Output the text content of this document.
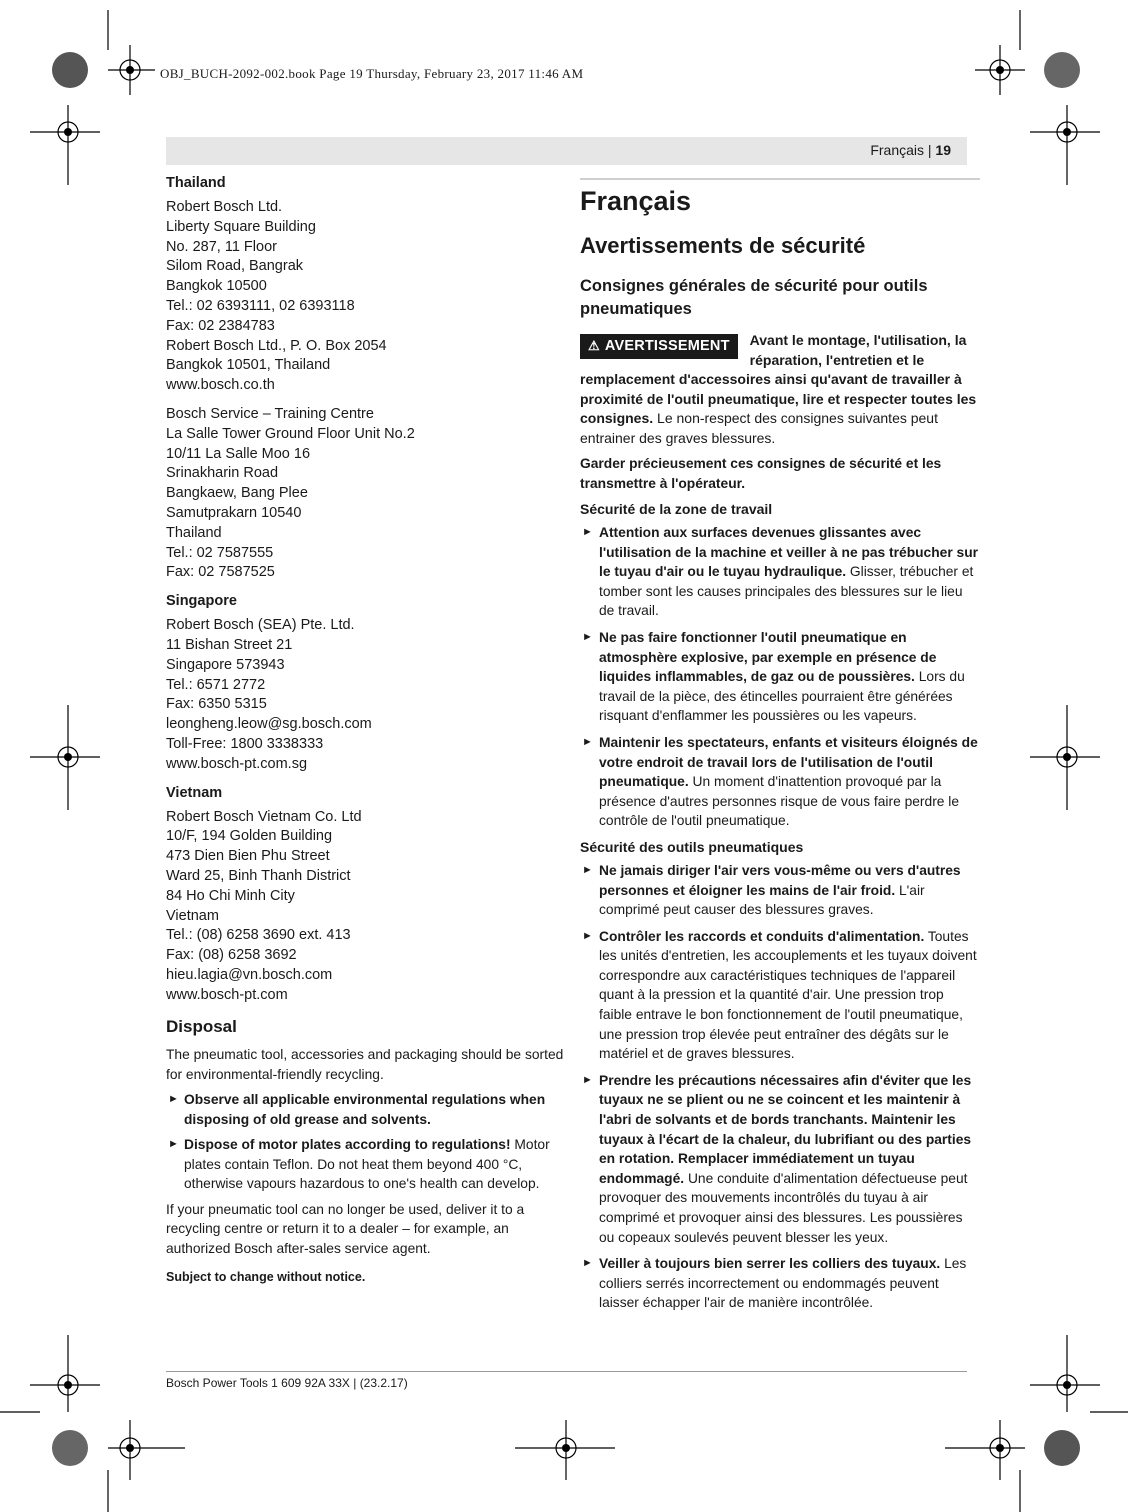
OBJ_BUCH-2092-002.book Page 19 Thursday, February 23, 2017 11:46 AM
Français | 19
Thailand
Robert Bosch Ltd.
Liberty Square Building
No. 287, 11 Floor
Silom Road, Bangrak
Bangkok 10500
Tel.: 02 6393111, 02 6393118
Fax: 02 2384783
Robert Bosch Ltd., P. O. Box 2054
Bangkok 10501, Thailand
www.bosch.co.th
Bosch Service – Training Centre
La Salle Tower Ground Floor Unit No.2
10/11 La Salle Moo 16
Srinakharin Road
Bangkaew, Bang Plee
Samutprakarn 10540
Thailand
Tel.: 02 7587555
Fax: 02 7587525
Singapore
Robert Bosch (SEA) Pte. Ltd.
11 Bishan Street 21
Singapore 573943
Tel.: 6571 2772
Fax: 6350 5315
leongheng.leow@sg.bosch.com
Toll-Free: 1800 3338333
www.bosch-pt.com.sg
Vietnam
Robert Bosch Vietnam Co. Ltd
10/F, 194 Golden Building
473 Dien Bien Phu Street
Ward 25, Binh Thanh District
84 Ho Chi Minh City
Vietnam
Tel.: (08) 6258 3690 ext. 413
Fax: (08) 6258 3692
hieu.lagia@vn.bosch.com
www.bosch-pt.com
Disposal
The pneumatic tool, accessories and packaging should be sorted for environmental-friendly recycling.
► Observe all applicable environmental regulations when disposing of old grease and solvents.
► Dispose of motor plates according to regulations! Motor plates contain Teflon. Do not heat them beyond 400 °C, otherwise vapours hazardous to one's health can develop.
If your pneumatic tool can no longer be used, deliver it to a recycling centre or return it to a dealer – for example, an authorized Bosch after-sales service agent.
Subject to change without notice.
Français
Avertissements de sécurité
Consignes générales de sécurité pour outils pneumatiques
⚠ AVERTISSEMENT	Avant le montage, l'utilisation, la réparation, l'entretien et le remplacement d'accessoires ainsi qu'avant de travailler à proximité de l'outil pneumatique, lire et respecter toutes les consignes. Le non-respect des consignes suivantes peut entrainer des graves blessures.
Garder précieusement ces consignes de sécurité et les transmettre à l'opérateur.
Sécurité de la zone de travail
► Attention aux surfaces devenues glissantes avec l'utilisation de la machine et veiller à ne pas trébucher sur le tuyau d'air ou le tuyau hydraulique. Glisser, trébucher et tomber sont les causes principales des blessures sur le lieu de travail.
► Ne pas faire fonctionner l'outil pneumatique en atmosphère explosive, par exemple en présence de liquides inflammables, de gaz ou de poussières. Lors du travail de la pièce, des étincelles pourraient être générées risquant d'enflammer les poussières ou les vapeurs.
► Maintenir les spectateurs, enfants et visiteurs éloignés de votre endroit de travail lors de l'utilisation de l'outil pneumatique. Un moment d'inattention provoqué par la présence d'autres personnes risque de vous faire perdre le contrôle de l'outil pneumatique.
Sécurité des outils pneumatiques
► Ne jamais diriger l'air vers vous-même ou vers d'autres personnes et éloigner les mains de l'air froid. L'air comprimé peut causer des blessures graves.
► Contrôler les raccords et conduits d'alimentation. Toutes les unités d'entretien, les accouplements et les tuyaux doivent correspondre aux caractéristiques techniques de l'appareil quant à la pression et la quantité d'air. Une pression trop faible entrave le bon fonctionnement de l'outil pneumatique, une pression trop élevée peut entraîner des dégâts sur le matériel et de graves blessures.
► Prendre les précautions nécessaires afin d'éviter que les tuyaux ne se plient ou ne se coincent et les maintenir à l'abri de solvants et de bords tranchants. Maintenir les tuyaux à l'écart de la chaleur, du lubrifiant ou des parties en rotation. Remplacer immédiatement un tuyau endommagé. Une conduite d'alimentation défectueuse peut provoquer des mouvements incontrôlés du tuyau à air comprimé et provoquer ainsi des blessures. Les poussières ou copeaux soulevés peuvent blesser les yeux.
► Veiller à toujours bien serrer les colliers des tuyaux. Les colliers serrés incorrectement ou endommagés peuvent laisser échapper l'air de manière incontrôlée.
Bosch Power Tools 1 609 92A 33X | (23.2.17)
